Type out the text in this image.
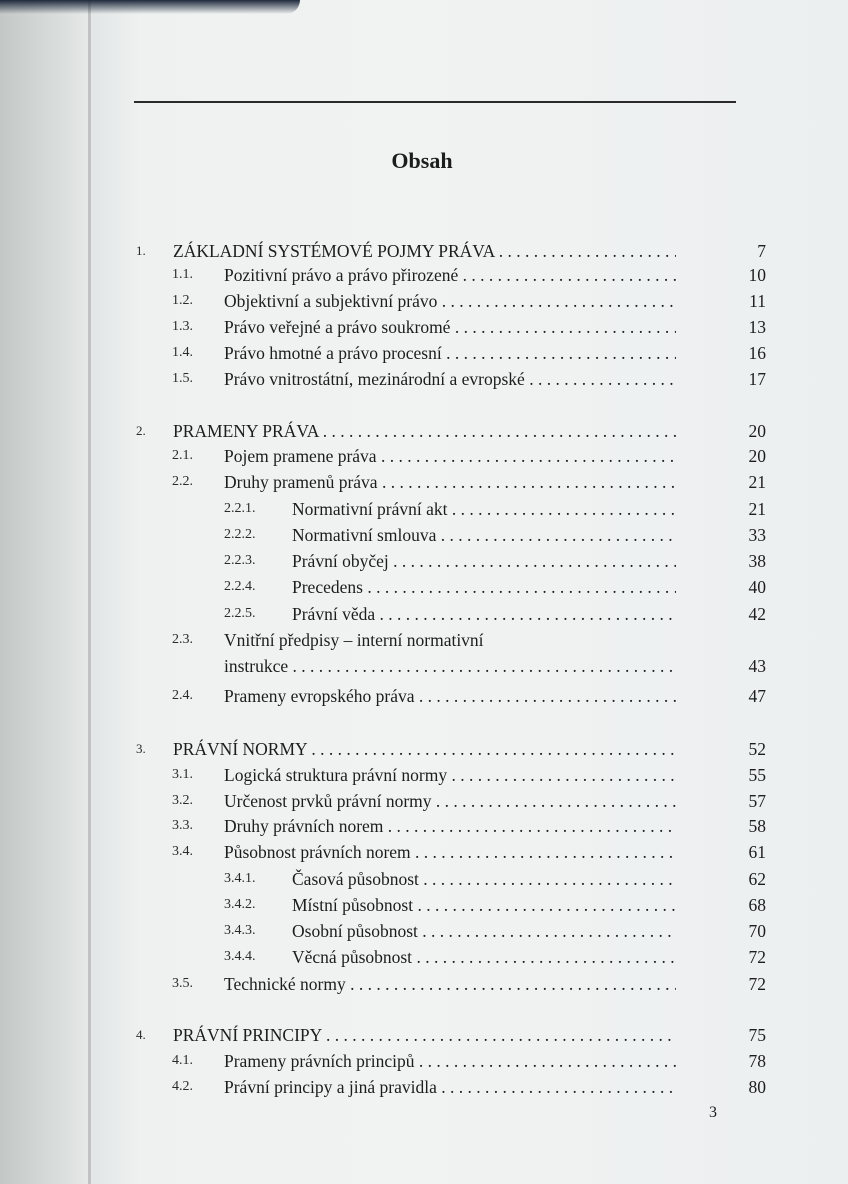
Obsah
1. ZÁKLADNÍ SYSTÉMOVÉ POJMY PRÁVA . . .	7
1.1. Pozitivní právo a právo přirozené . . .	10
1.2. Objektivní a subjektivní právo . . .	11
1.3. Právo veřejné a právo soukromé . . .	13
1.4. Právo hmotné a právo procesní . . .	16
1.5. Právo vnitrostátní, mezinárodní a evropské . . .	17
2. PRAMENY PRÁVA . . .	20
2.1. Pojem pramene práva . . .	20
2.2. Druhy pramenů práva . . .	21
2.2.1. Normativní právní akt . . .	21
2.2.2. Normativní smlouva . . .	33
2.2.3. Právní obyčej . . .	38
2.2.4. Precedens . . .	40
2.2.5. Právní věda . . .	42
2.3. Vnitřní předpisy – interní normativní
instrukce . . .	43
2.4. Prameny evropského práva . . .	47
3. PRÁVNÍ NORMY . . .	52
3.1. Logická struktura právní normy . . .	55
3.2. Určenost prvků právní normy . . .	57
3.3. Druhy právních norem . . .	58
3.4. Působnost právních norem . . .	61
3.4.1. Časová působnost . . .	62
3.4.2. Místní působnost . . .	68
3.4.3. Osobní působnost . . .	70
3.4.4. Věcná působnost . . .	72
3.5. Technické normy . . .	72
4. PRÁVNÍ PRINCIPY . . .	75
4.1. Prameny právních principů . . .	78
4.2. Právní principy a jiná pravidla . . .	80
3
